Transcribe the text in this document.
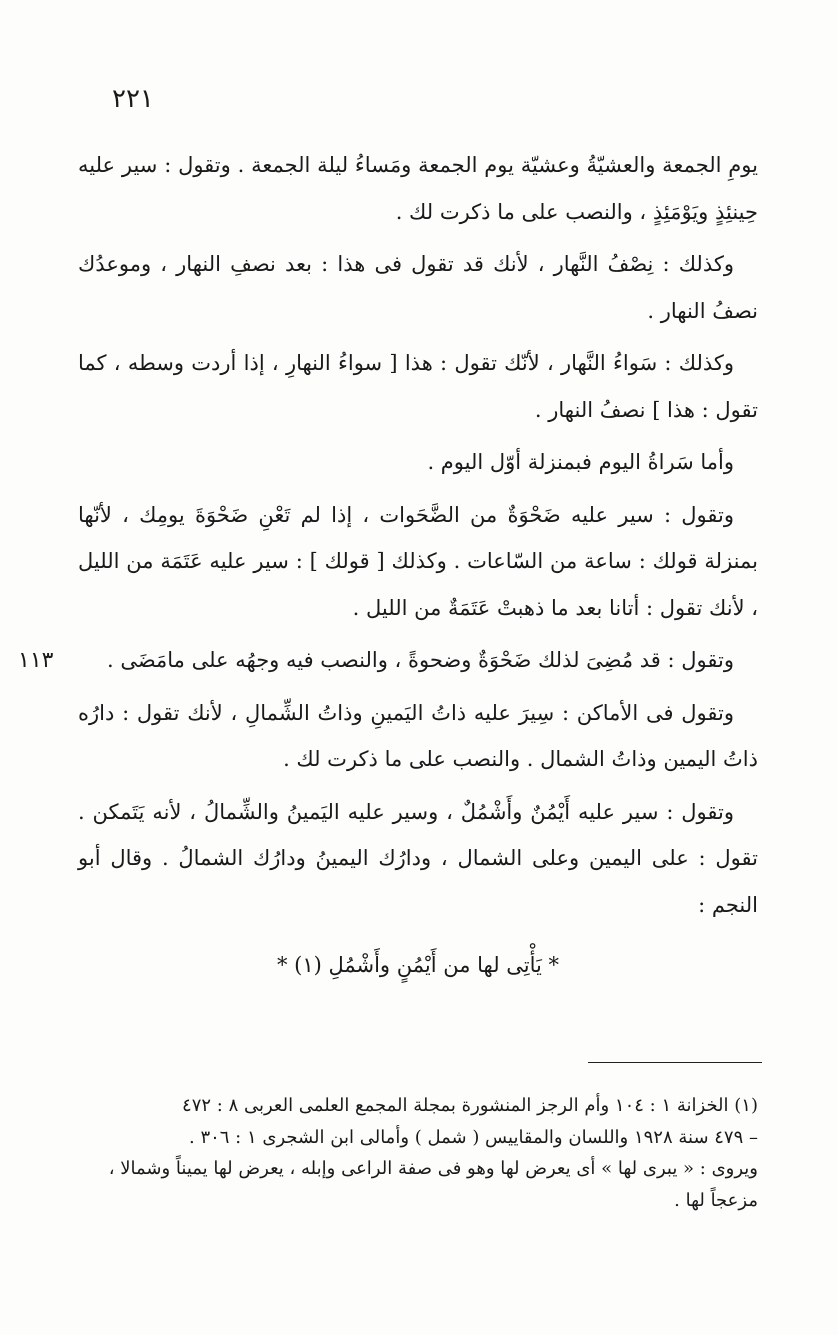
٢٢١

يومِ الجمعة والعشيّةُ وعشيّة يوم الجمعة ومَساءُ ليلة الجمعة . وتقول : سير عليه حِينئِذٍ ويَوْمَئِذٍ ، والنصب على ما ذكرت لك .

وكذلك : نِصْفُ النَّهار ، لأنك قد تقول فى هذا : بعد نصفِ النهار ، وموعدُك نصفُ النهار .

وكذلك : سَواءُ النَّهار ، لأنّك تقول : هذا [ سواءُ النهارِ ، إذا أردت وسطه ، كما تقول : هذا ] نصفُ النهار .

وأما سَراةُ اليوم فبمنزلة أوّل اليوم .

وتقول : سير عليه ضَحْوَةٌ من الضَّحَوات ، إذا لم تَعْنِ ضَحْوَةَ يومِك ، لأنّها بمنزلة قولك : ساعة من السّاعات . وكذلك [ قولك ] : سير عليه عَتَمَة من الليل ، لأنك تقول : أتانا بعد ما ذهبتْ عَتَمَةٌ من الليل .

وتقول : قد مُضِىَ لذلك ضَحْوَةٌ وضحوةً ، والنصب فيه وجهُه على مامَضَى .

وتقول فى الأماكن : سِيرَ عليه ذاتُ اليَمينِ وذاتُ الشِّمالِ ، لأنك تقول : دارُه ذاتُ اليمين وذاتُ الشمال . والنصب على ما ذكرت لك .

وتقول : سير عليه أَيْمُنٌ وأَشْمُلٌ ، وسير عليه اليَمينُ والشِّمالُ ، لأنه يَتَمكن . تقول : على اليمين وعلى الشمال ، ودارُك اليمينُ ودارُك الشمالُ . وقال أبو النجم :

* يَأْتِى لها من أَيْمُنٍ وأَشْمُلِ (١) *

١١٣

(١) الخزانة ١ : ١٠٤ وأم الرجز المنشورة بمجلة المجمع العلمى العربى ٨ : ٤٧٢

– ٤٧٩ سنة ١٩٢٨ واللسان والمقاييس ( شمل ) وأمالى ابن الشجرى ١ : ٣٠٦ .

ويروى : « يبرى لها » أى يعرض لها وهو فى صفة الراعى وإبله ، يعرض لها يميناً وشمالا ،

مزعجاً لها .
